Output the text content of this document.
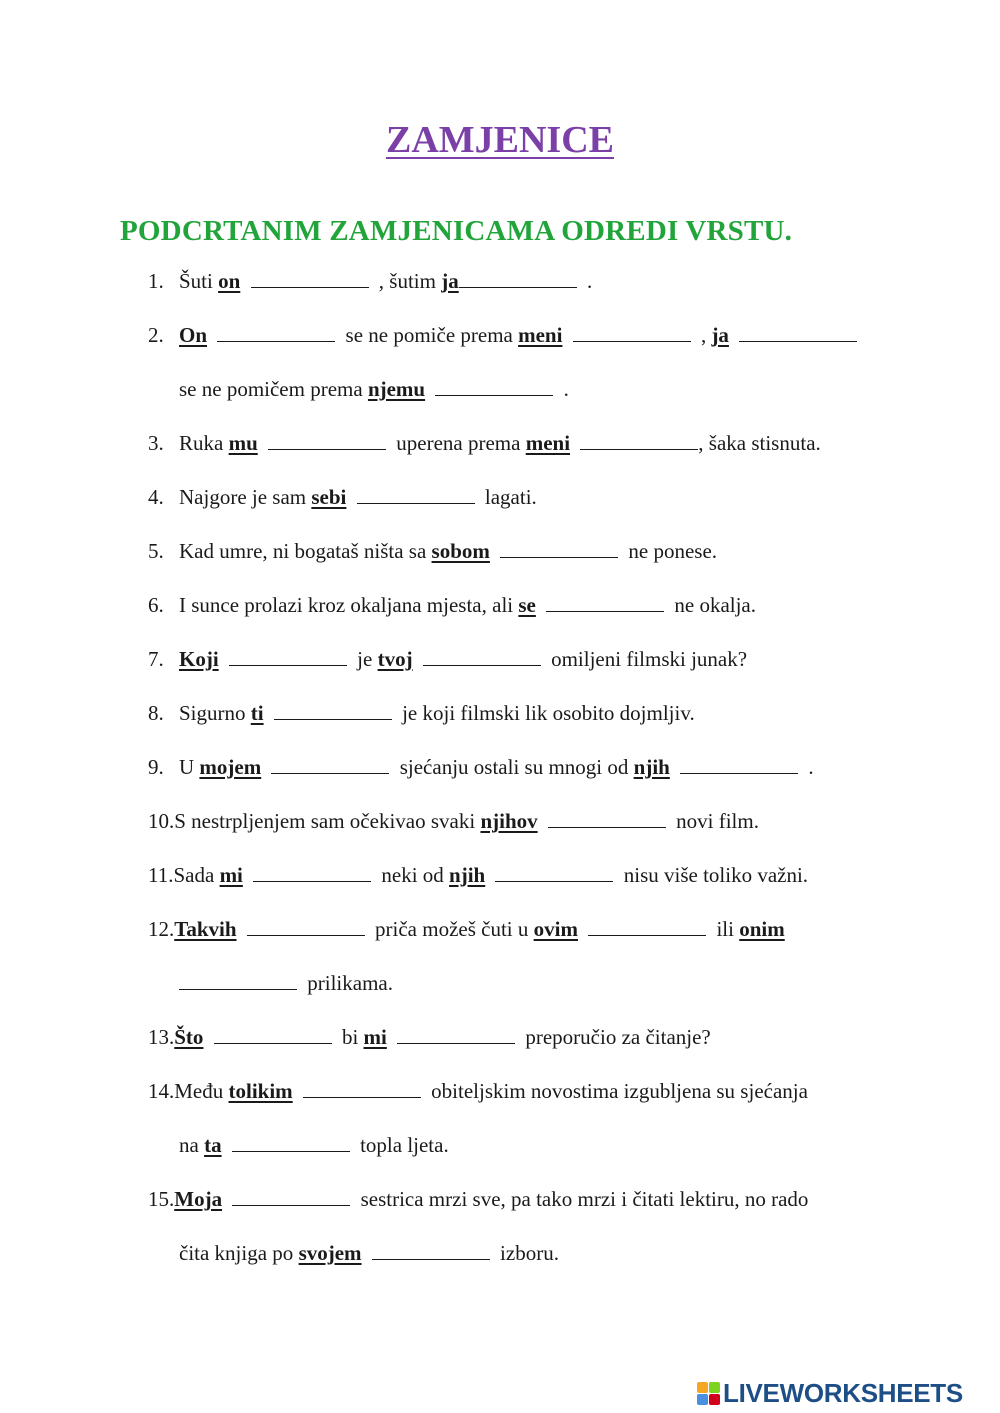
ZAMJENICE
PODCRTANIM ZAMJENICAMA ODREDI VRSTU.
1. Šuti on	, šutim ja	.
2. On	se ne pomiče prema meni	, ja
se ne pomičem prema njemu	.
3. Ruka mu	uperena prema meni	, šaka stisnuta.
4. Najgore je sam sebi	lagati.
5. Kad umre, ni bogataš ništa sa sobom	ne ponese.
6. I sunce prolazi kroz okaljana mjesta, ali se	ne okalja.
7. Koji	je tvoj	omiljeni filmski junak?
8. Sigurno ti	je koji filmski lik osobito dojmljiv.
9. U mojem	sjećanju ostali su mnogi od njih	.
10.S nestrpljenjem sam očekivao svaki njihov	novi film.
11.Sada mi	neki od njih	nisu više toliko važni.
12.Takvih	priča možeš čuti u ovim	ili onim
prilikama.
13.Što	bi mi	preporučio za čitanje?
14.Među tolikim	obiteljskim novostima izgubljena su sjećanja
na ta	topla ljeta.
15.Moja	sestrica mrzi sve, pa tako mrzi i čitati lektiru, no rado
čita knjiga po svojem	izboru.
LIVEWORKSHEETS
